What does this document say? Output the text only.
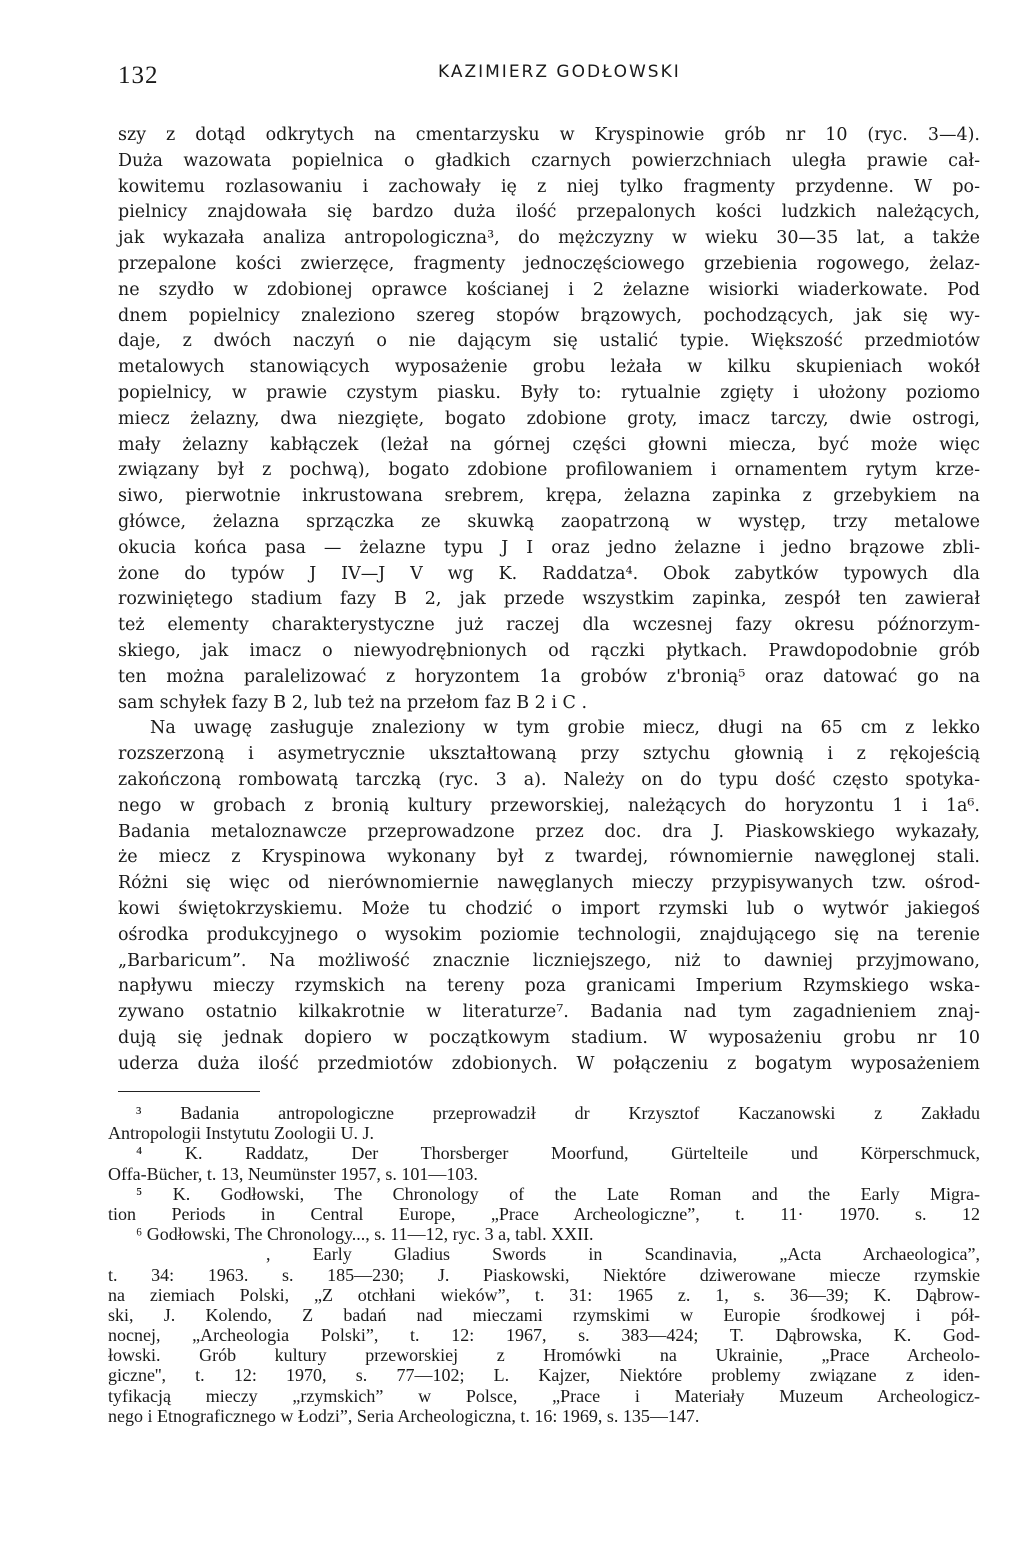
132	KAZIMIERZ GODŁOWSKI
szy z dotąd odkrytych na cmentarzysku w Kryspinowie grób nr 10 (ryc. 3—4).
Duża wazowata popielnica o gładkich czarnych powierzchniach uległa prawie cał-
kowitemu rozlasowaniu i zachowały ię z niej tylko fragmenty przydenne. W po-
pielnicy znajdowała się bardzo duża ilość przepalonych kości ludzkich należących,
jak wykazała analiza antropologiczna³, do mężczyzny w wieku 30—35 lat, a także
przepalone kości zwierzęce, fragmenty jednoczęściowego grzebienia rogowego, żelaz-
ne szydło w zdobionej oprawce kościanej i 2 żelazne wisiorki wiaderkowate. Pod
dnem popielnicy znaleziono szereg stopów brązowych, pochodzących, jak się wy-
daje, z dwóch naczyń o nie dającym się ustalić typie. Większość przedmiotów
metalowych stanowiących wyposażenie grobu leżała w kilku skupieniach wokół
popielnicy, w prawie czystym piasku. Były to: rytualnie zgięty i ułożony poziomo
miecz żelazny, dwa niezgięte, bogato zdobione groty, imacz tarczy, dwie ostrogi,
mały żelazny kabłączek (leżał na górnej części głowni miecza, być może więc
związany był z pochwą), bogato zdobione profilowaniem i ornamentem rytym krze-
siwo, pierwotnie inkrustowana srebrem, krępa, żelazna zapinka z grzebykiem na
główce, żelazna sprzączka ze skuwką zaopatrzoną w występ, trzy metalowe
okucia końca pasa — żelazne typu J I oraz jedno żelazne i jedno brązowe zbli-
żone do typów J IV—J V wg K. Raddatza⁴. Obok zabytków typowych dla
rozwiniętego stadium fazy B 2, jak przede wszystkim zapinka, zespół ten zawierał
też elementy charakterystyczne już raczej dla wczesnej fazy okresu późnorzym-
skiego, jak imacz o niewyodrębnionych od rączki płytkach. Prawdopodobnie grób
ten można paralelizować z horyzontem 1a grobów z'bronią⁵ oraz datować go na
sam schyłek fazy B 2, lub też na przełom faz B 2 i C .
Na uwagę zasługuje znaleziony w tym grobie miecz, długi na 65 cm z lekko
rozszerzoną i asymetrycznie ukształtowaną przy sztychu głownią i z rękojeścią
zakończoną rombowatą tarczką (ryc. 3 a). Należy on do typu dość często spotyka-
nego w grobach z bronią kultury przeworskiej, należących do horyzontu 1 i 1a⁶.
Badania metaloznawcze przeprowadzone przez doc. dra J. Piaskowskiego wykazały,
że miecz z Kryspinowa wykonany był z twardej, równomiernie nawęglonej stali.
Różni się więc od nierównomiernie nawęglanych mieczy przypisywanych tzw. ośrod-
kowi świętokrzyskiemu. Może tu chodzić o import rzymski lub o wytwór jakiegoś
ośrodka produkcyjnego o wysokim poziomie technologii, znajdującego się na terenie
„Barbaricum”. Na możliwość znacznie liczniejszego, niż to dawniej przyjmowano,
napływu mieczy rzymskich na tereny poza granicami Imperium Rzymskiego wska-
zywano ostatnio kilkakrotnie w literaturze⁷. Badania nad tym zagadnieniem znaj-
dują się jednak dopiero w początkowym stadium. W wyposażeniu grobu nr 10
uderza duża ilość przedmiotów zdobionych. W połączeniu z bogatym wyposażeniem
³ Badania antropologiczne przeprowadził dr Krzysztof Kaczanowski z Zakładu
Antropologii Instytutu Zoologii U. J.
⁴ K. Raddatz, Der Thorsberger Moorfund, Gürtelteile und Körperschmuck,
Offa-Bücher, t. 13, Neumünster 1957, s. 101—103.
⁵ K. Godłowski, The Chronology of the Late Roman and the Early Migra-
tion Periods in Central Europe, „Prace Archeologiczne”, t. 11· 1970. s. 12
⁶ Godłowski, The Chronology..., s. 11—12, ryc. 3 a, tabl. XXII.
, Early Gladius Swords in Scandinavia, „Acta Archaeologica”,
t. 34: 1963. s. 185—230; J. Piaskowski, Niektóre dziwerowane miecze rzymskie
na ziemiach Polski, „Z otchłani wieków”, t. 31: 1965 z. 1, s. 36—39; K. Dąbrow-
ski, J. Kolendo, Z badań nad mieczami rzymskimi w Europie środkowej i pół-
nocnej, „Archeologia Polski”, t. 12: 1967, s. 383—424; T. Dąbrowska, K. God-
łowski. Grób kultury przeworskiej z Hromówki na Ukrainie, „Prace Archeolo-
giczne'', t. 12: 1970, s. 77—102; L. Kajzer, Niektóre problemy związane z iden-
tyfikacją mieczy „rzymskich” w Polsce, „Prace i Materiały Muzeum Archeologicz-
nego i Etnograficznego w Łodzi”, Seria Archeologiczna, t. 16: 1969, s. 135—147.
